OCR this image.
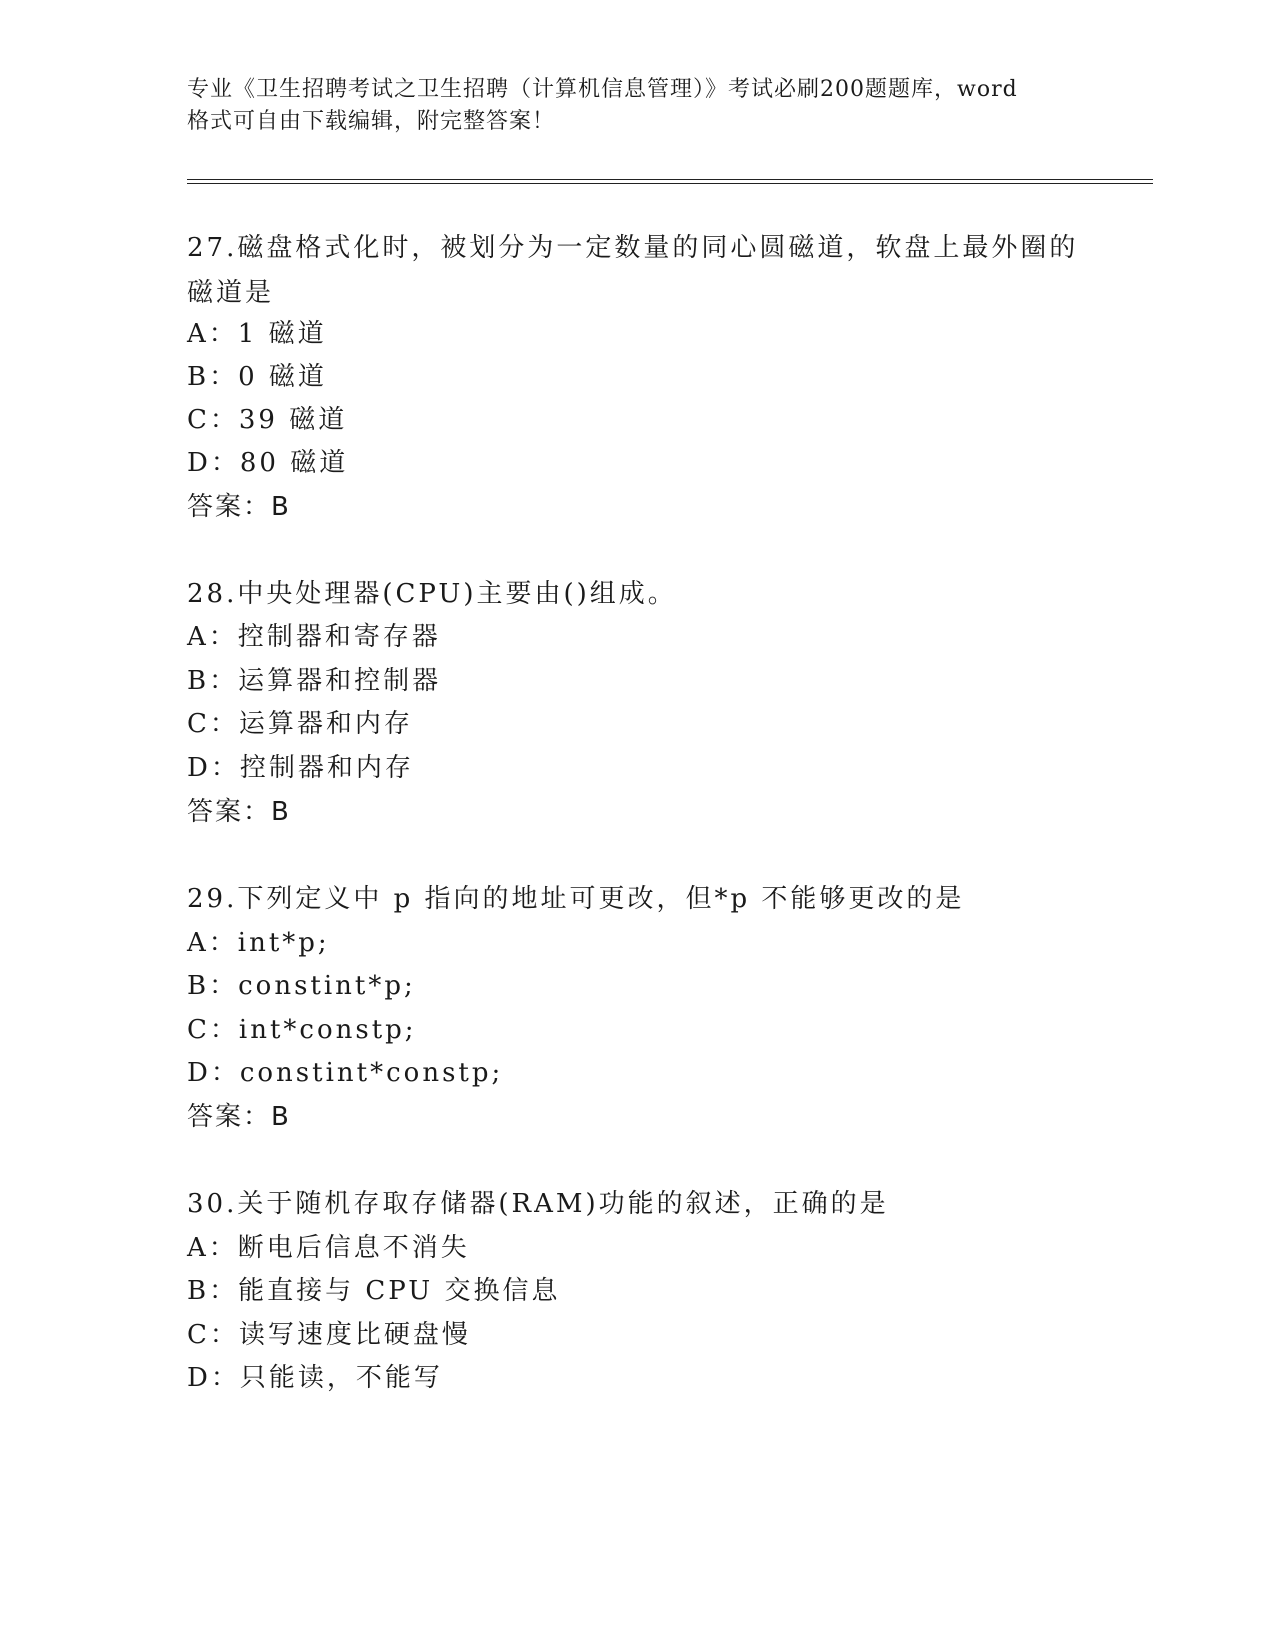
专业《卫生招聘考试之卫生招聘（计算机信息管理）》考试必刷200题题库，word
格式可自由下载编辑，附完整答案！
27.磁盘格式化时，被划分为一定数量的同心圆磁道，软盘上最外圈的
磁道是
A：1 磁道
B：0 磁道
C：39 磁道
D：80 磁道
答案：B
28.中央处理器(CPU)主要由()组成。
A：控制器和寄存器
B：运算器和控制器
C：运算器和内存
D：控制器和内存
答案：B
29.下列定义中 p 指向的地址可更改，但*p 不能够更改的是
A：int*p;
B：constint*p;
C：int*constp;
D：constint*constp;
答案：B
30.关于随机存取存储器(RAM)功能的叙述，正确的是
A：断电后信息不消失
B：能直接与 CPU 交换信息
C：读写速度比硬盘慢
D：只能读，不能写
